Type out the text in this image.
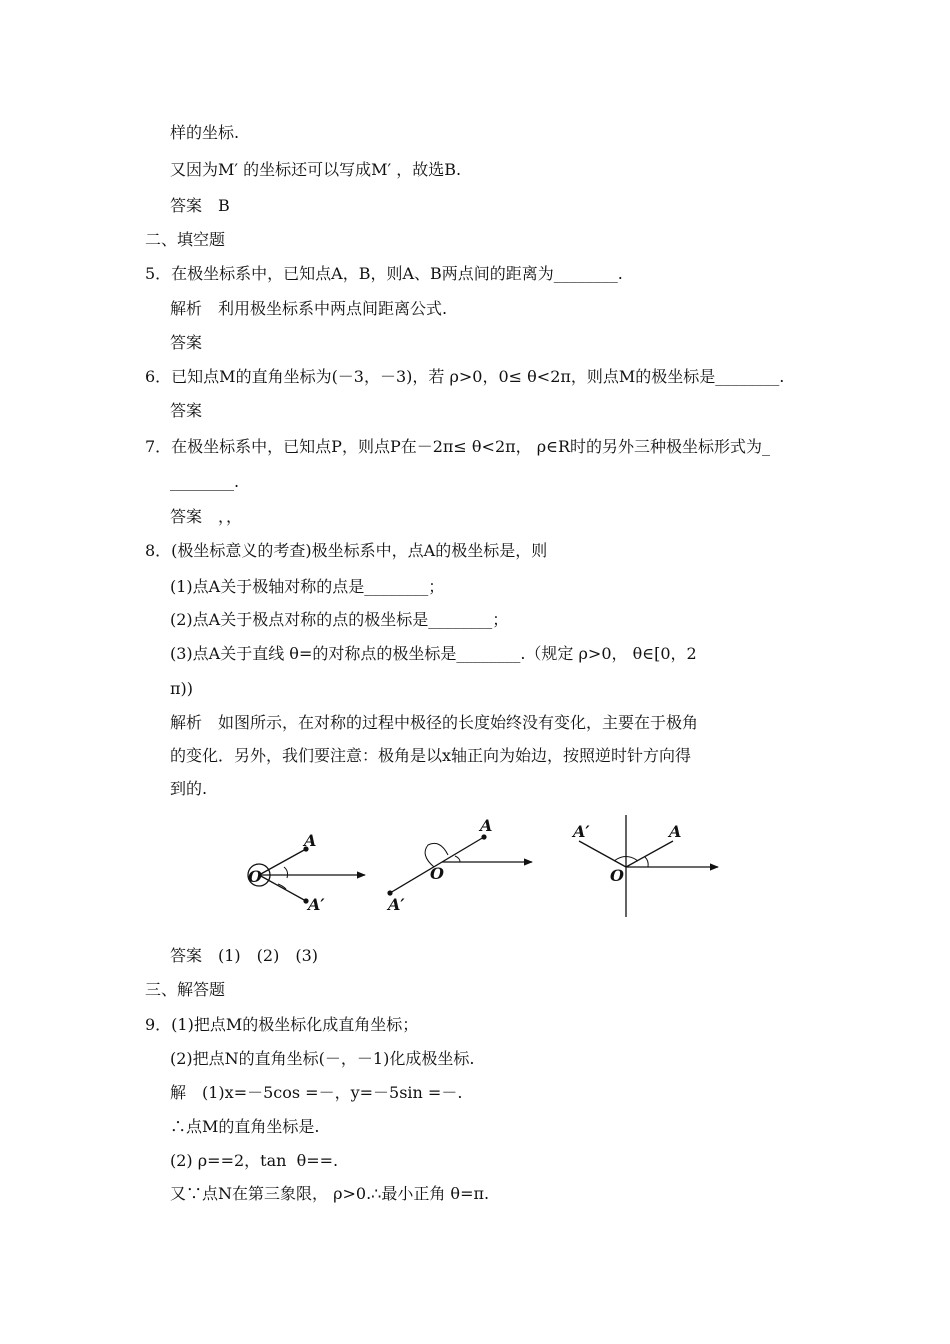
样的坐标.
又因为M′ 的坐标还可以写成M′ ，故选B.
答案　B
二、填空题
5．在极坐标系中，已知点A，B，则A、B两点间的距离为________.
解析　利用极坐标系中两点间距离公式.
答案
6．已知点M的直角坐标为(－3，－3)，若 ρ>0，0≤ θ<2π，则点M的极坐标是________.
答案
7．在极坐标系中，已知点P，则点P在－2π≤ θ<2π， ρ∈R时的另外三种极坐标形式为_
________.
答案　，，
8．(极坐标意义的考查)极坐标系中，点A的极坐标是，则
(1)点A关于极轴对称的点是________；
(2)点A关于极点对称的点的极坐标是________；
(3)点A关于直线 θ=的对称点的极坐标是________.（规定 ρ>0， θ∈[0，2
π))
解析　如图所示，在对称的过程中极径的长度始终没有变化，主要在于极角
的变化．另外，我们要注意：极角是以x轴正向为始边，按照逆时针方向得
到的.
A
A′
O
A
A′
O
A
A′
O
答案　(1)　(2)　(3)
三、解答题
9．(1)把点M的极坐标化成直角坐标；
(2)把点N的直角坐标(－，－1)化成极坐标.
解　(1)x=－5cos =－，y=－5sin =－.
∴点M的直角坐标是.
(2) ρ==2，tan  θ==.
又∵点N在第三象限， ρ>0.∴最小正角 θ=π.
